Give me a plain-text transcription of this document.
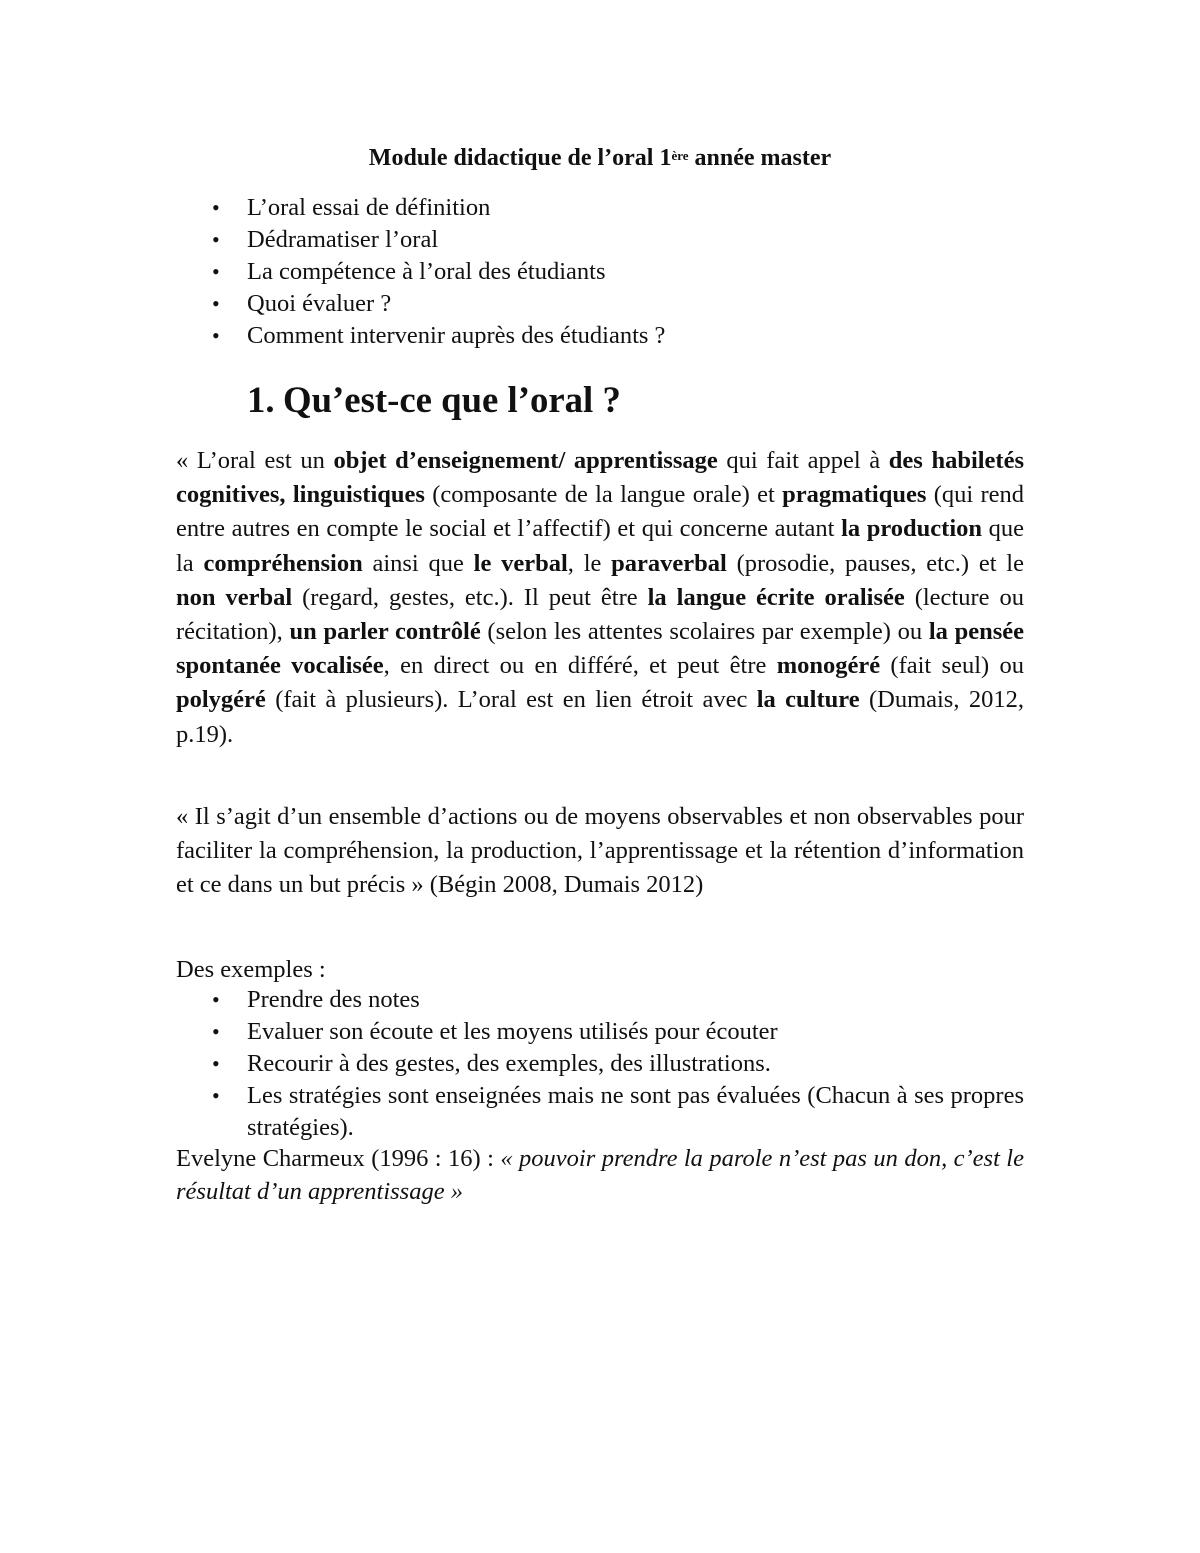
Module didactique de l’oral 1ère année master
• L’oral essai de définition
• Dédramatiser l’oral
• La compétence à l’oral des étudiants
• Quoi évaluer ?
• Comment intervenir auprès des étudiants ?
1. Qu’est-ce que l’oral ?

« L’oral est un objet d’enseignement/ apprentissage qui fait appel à des habiletés cognitives, linguistiques (composante de la langue orale) et pragmatiques (qui rend entre autres en compte le social et l’affectif) et qui concerne autant la production que la compréhension ainsi que le verbal, le paraverbal (prosodie, pauses, etc.) et le non verbal (regard, gestes, etc.). Il peut être la langue écrite oralisée (lecture ou récitation), un parler contrôlé (selon les attentes scolaires par exemple) ou la pensée spontanée vocalisée, en direct ou en différé, et peut être monogéré (fait seul) ou polygéré (fait à plusieurs). L’oral est en lien étroit avec la culture (Dumais, 2012, p.19).

« Il s’agit d’un ensemble d’actions ou de moyens observables et non observables pour faciliter la compréhension, la production, l’apprentissage et la rétention d’information et ce dans un but précis » (Bégin 2008, Dumais 2012)

Des exemples :

• Prendre des notes
• Evaluer son écoute et les moyens utilisés pour écouter
• Recourir à des gestes, des exemples, des illustrations.
• Les stratégies sont enseignées mais ne sont pas évaluées (Chacun à ses propres stratégies).

Evelyne Charmeux (1996 : 16) : « pouvoir prendre la parole n’est pas un don, c’est le résultat d’un apprentissage »
